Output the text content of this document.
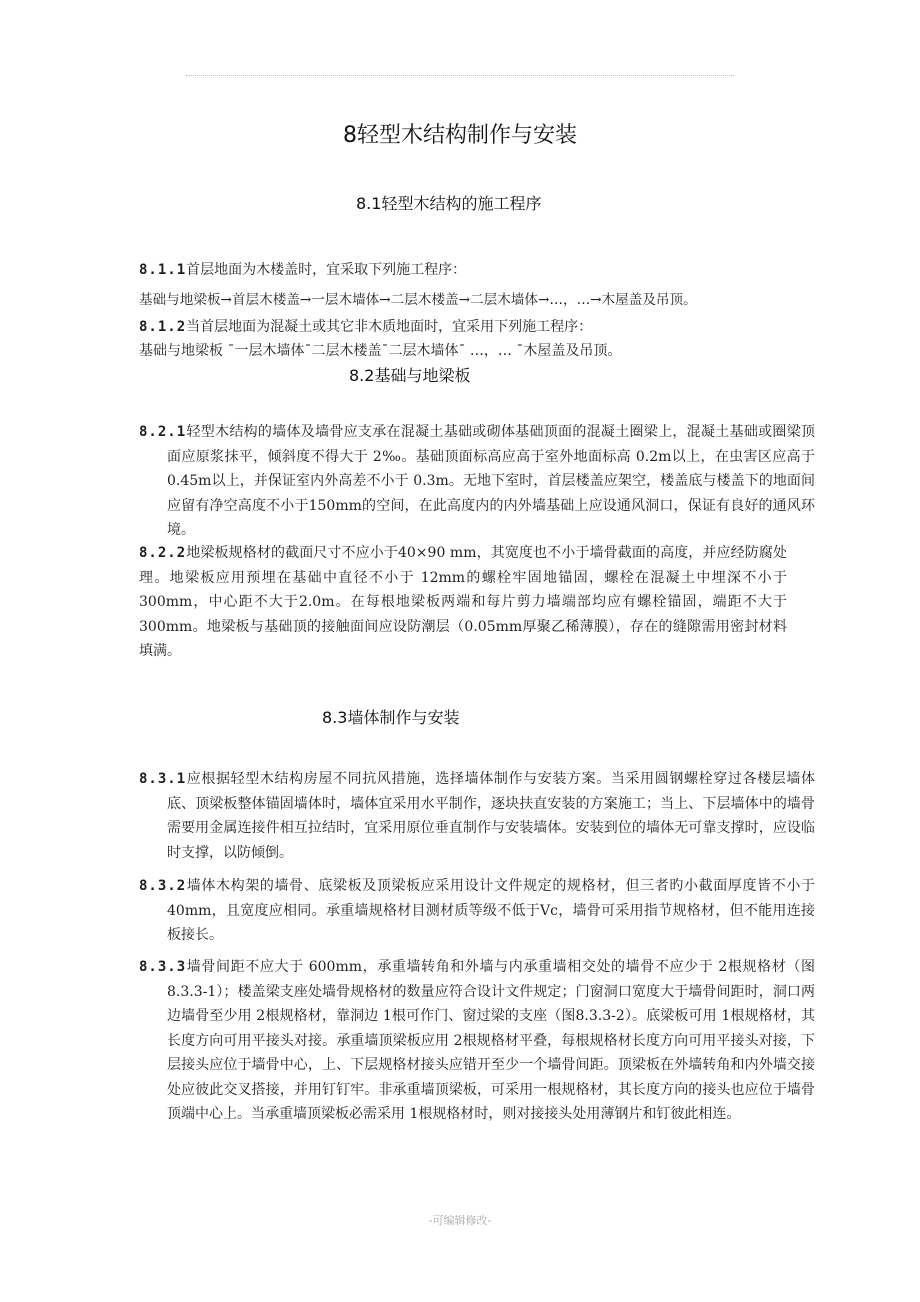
8轻型木结构制作与安装
8.1轻型木结构的施工程序
8.1.1首层地面为木楼盖时，宜采取下列施工程序：
基础与地梁板→首层木楼盖→一层木墙体→二层木楼盖→二层木墙体→…，…→木屋盖及吊顶。
8.1.2当首层地面为混凝土或其它非木质地面时，宜采用下列施工程序：
基础与地梁板 ˉ一层木墙体ˉ二层木楼盖ˉ二层木墙体ˉ …，… ˉ木屋盖及吊顶。
8.2基础与地梁板
8.2.1轻型木结构的墙体及墙骨应支承在混凝土基础或砌体基础顶面的混凝土圈梁上，混凝土基础或圈梁顶面应原浆抹平，倾斜度不得大于 2‰。基础顶面标高应高于室外地面标高 0.2m以上，在虫害区应高于 0.45m以上，并保证室内外高差不小于 0.3m。无地下室时，首层楼盖应架空，楼盖底与楼盖下的地面间应留有净空高度不小于150mm的空间，在此高度内的内外墙基础上应设通风洞口，保证有良好的通风环境。
8.2.2地梁板规格材的截面尺寸不应小于40×90 mm，其宽度也不小于墙骨截面的高度，并应经防腐处理。地梁板应用预埋在基础中直径不小于 12mm的螺栓牢固地锚固，螺栓在混凝土中埋深不小于300mm，中心距不大于2.0m。在每根地梁板两端和每片剪力墙端部均应有螺栓锚固，端距不大于300mm。地梁板与基础顶的接触面间应设防潮层（0.05mm厚聚乙稀薄膜），存在的缝隙需用密封材料填满。
8.3墙体制作与安装
8.3.1应根据轻型木结构房屋不同抗风措施，选择墙体制作与安装方案。当采用圆钢螺栓穿过各楼层墙体底、顶梁板整体锚固墙体时，墙体宜采用水平制作，逐块扶直安装的方案施工；当上、下层墙体中的墙骨需要用金属连接件相互拉结时，宜采用原位垂直制作与安装墙体。安装到位的墙体无可靠支撑时，应设临时支撑，以防倾倒。
8.3.2墙体木构架的墙骨、底梁板及顶梁板应采用设计文件规定的规格材，但三者旳小截面厚度皆不小于40mm，且宽度应相同。承重墙规格材目测材质等级不低于Vc，墙骨可采用指节规格材，但不能用连接板接长。
8.3.3墙骨间距不应大于 600mm，承重墙转角和外墙与内承重墙相交处的墙骨不应少于 2根规格材（图8.3.3-1）；楼盖梁支座处墙骨规格材的数量应符合设计文件规定；门窗洞口宽度大于墙骨间距时，洞口两边墙骨至少用 2根规格材，靠洞边 1根可作门、窗过梁的支座（图8.3.3-2）。底梁板可用 1根规格材，其长度方向可用平接头对接。承重墙顶梁板应用 2根规格材平叠，每根规格材长度方向可用平接头对接，下层接头应位于墙骨中心，上、下层规格材接头应错开至少一个墙骨间距。顶梁板在外墙转角和内外墙交接处应彼此交叉搭接，并用钉钉牢。非承重墙顶梁板，可采用一根规格材，其长度方向的接头也应位于墙骨顶端中心上。当承重墙顶梁板必需采用 1根规格材时，则对接接头处用薄钢片和钉彼此相连。
-可编辑修改-
